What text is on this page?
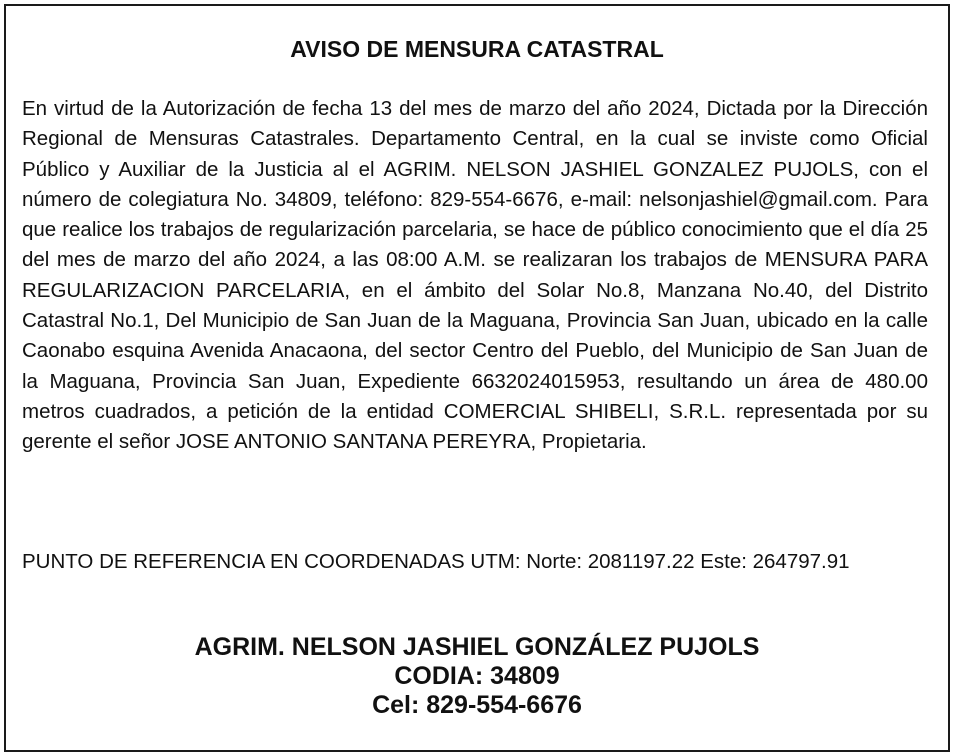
AVISO DE MENSURA CATASTRAL

En virtud de la Autorización de fecha 13 del mes de marzo del año 2024, Dictada por la Dirección Regional de Mensuras Catastrales. Departamento Central, en la cual se inviste como Oficial Público y Auxiliar de la Justicia al el AGRIM. NELSON JASHIEL GONZALEZ PUJOLS, con el número de colegiatura No. 34809, teléfono: 829-554-6676, e-mail: nelsonjashiel@gmail.com. Para que realice los trabajos de regularización parcelaria, se hace de público conocimiento que el día 25 del mes de marzo del año 2024, a las 08:00 A.M. se realizaran los trabajos de MENSURA PARA REGULARIZACION PARCELARIA, en el ámbito del Solar No.8, Manzana No.40, del Distrito Catastral No.1, Del Municipio de San Juan de la Maguana, Provincia San Juan, ubicado en la calle Caonabo esquina Avenida Anacaona, del sector Centro del Pueblo, del Municipio de San Juan de la Maguana, Provincia San Juan, Expediente 6632024015953, resultando un área de 480.00 metros cuadrados, a petición de la entidad COMERCIAL SHIBELI, S.R.L. representada por su gerente el señor JOSE ANTONIO SANTANA PEREYRA, Propietaria.

PUNTO DE REFERENCIA EN COORDENADAS UTM: Norte: 2081197.22 Este: 264797.91

AGRIM. NELSON JASHIEL GONZÁLEZ PUJOLS
CODIA: 34809
Cel: 829-554-6676
